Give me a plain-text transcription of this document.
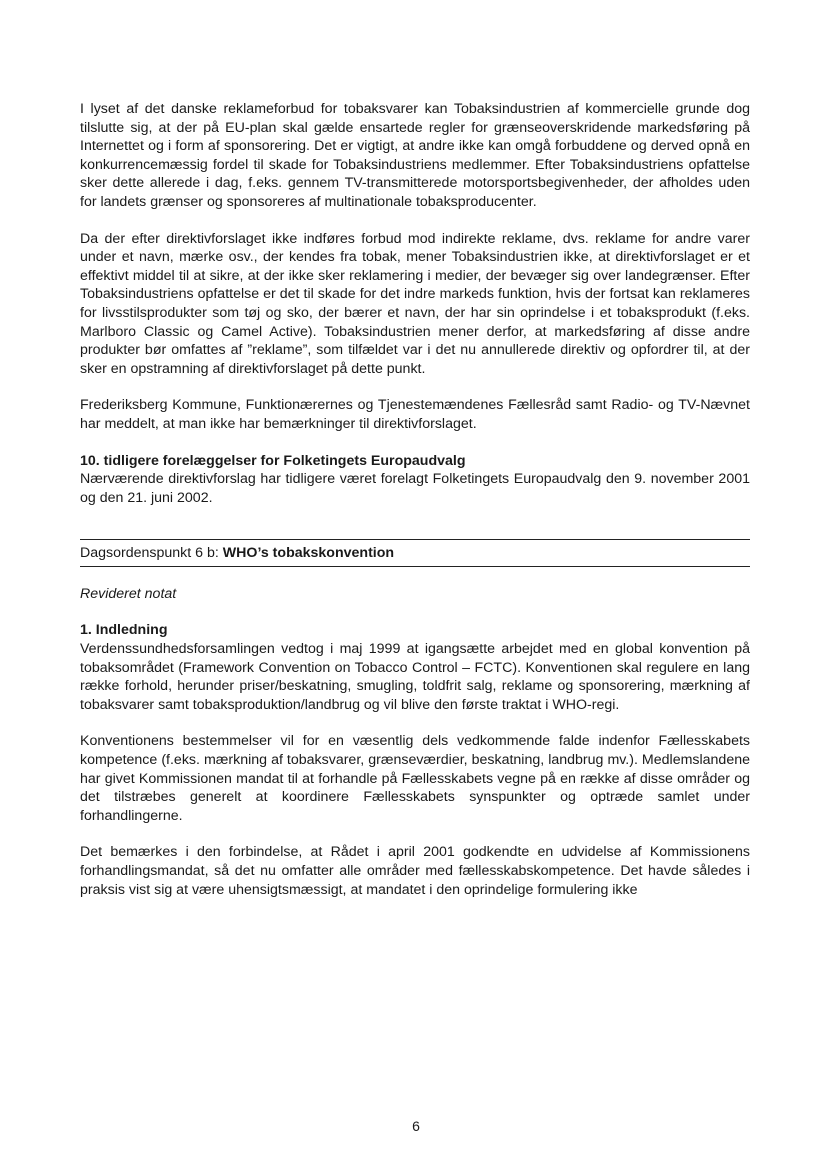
I lyset af det danske reklameforbud for tobaksvarer kan Tobaksindustrien af kommercielle grunde dog tilslutte sig, at der på EU-plan skal gælde ensartede regler for grænseoverskridende markedsføring på Internettet og i form af sponsorering. Det er vigtigt, at andre ikke kan omgå forbuddene og derved opnå en konkurrencemæssig fordel til skade for Tobaksindustriens medlemmer. Efter Tobaksindustriens opfattelse sker dette allerede i dag, f.eks. gennem TV-transmitterede motorsportsbegivenheder, der afholdes uden for landets grænser og sponsoreres af multinationale tobaksproducenter.

Da der efter direktivforslaget ikke indføres forbud mod indirekte reklame, dvs. reklame for andre varer under et navn, mærke osv., der kendes fra tobak, mener Tobaksindustrien ikke, at direktivforslaget er et effektivt middel til at sikre, at der ikke sker reklamering i medier, der bevæger sig over landegrænser. Efter Tobaksindustriens opfattelse er det til skade for det indre markeds funktion, hvis der fortsat kan reklameres for livsstilsprodukter som tøj og sko, der bærer et navn, der har sin oprindelse i et tobaksprodukt (f.eks. Marlboro Classic og Camel Active). Tobaksindustrien mener derfor, at markedsføring af disse andre produkter bør omfattes af ”reklame”, som tilfældet var i det nu annullerede direktiv og opfordrer til, at der sker en opstramning af direktivforslaget på dette punkt.

Frederiksberg Kommune, Funktionærernes og Tjenestemændenes Fællesråd samt Radio- og TV-Nævnet har meddelt, at man ikke har bemærkninger til direktivforslaget.

10. tidligere forelæggelser for Folketingets Europaudvalg

Nærværende direktivforslag har tidligere været forelagt Folketingets Europaudvalg den 9. november 2001 og den 21. juni 2002.

Dagsordenspunkt 6 b: WHO’s tobakskonvention
Revideret notat
1. Indledning

Verdenssundhedsforsamlingen vedtog i maj 1999 at igangsætte arbejdet med en global konvention på tobaksområdet (Framework Convention on Tobacco Control – FCTC). Konventionen skal regulere en lang række forhold, herunder priser/beskatning, smugling, toldfrit salg, reklame og sponsorering, mærkning af tobaksvarer samt tobaksproduktion/landbrug og vil blive den første traktat i WHO-regi.

Konventionens bestemmelser vil for en væsentlig dels vedkommende falde indenfor Fællesskabets kompetence (f.eks. mærkning af tobaksvarer, grænseværdier, beskatning, landbrug mv.). Medlemslandene har givet Kommissionen mandat til at forhandle på Fællesskabets vegne på en række af disse områder og det tilstræbes generelt at koordinere Fællesskabets synspunkter og optræde samlet under forhandlingerne.

Det bemærkes i den forbindelse, at Rådet i april 2001 godkendte en udvidelse af Kommissionens forhandlingsmandat, så det nu omfatter alle områder med fællesskabskompetence. Det havde således i praksis vist sig at være uhensigtsmæssigt, at mandatet i den oprindelige formulering ikke

6
